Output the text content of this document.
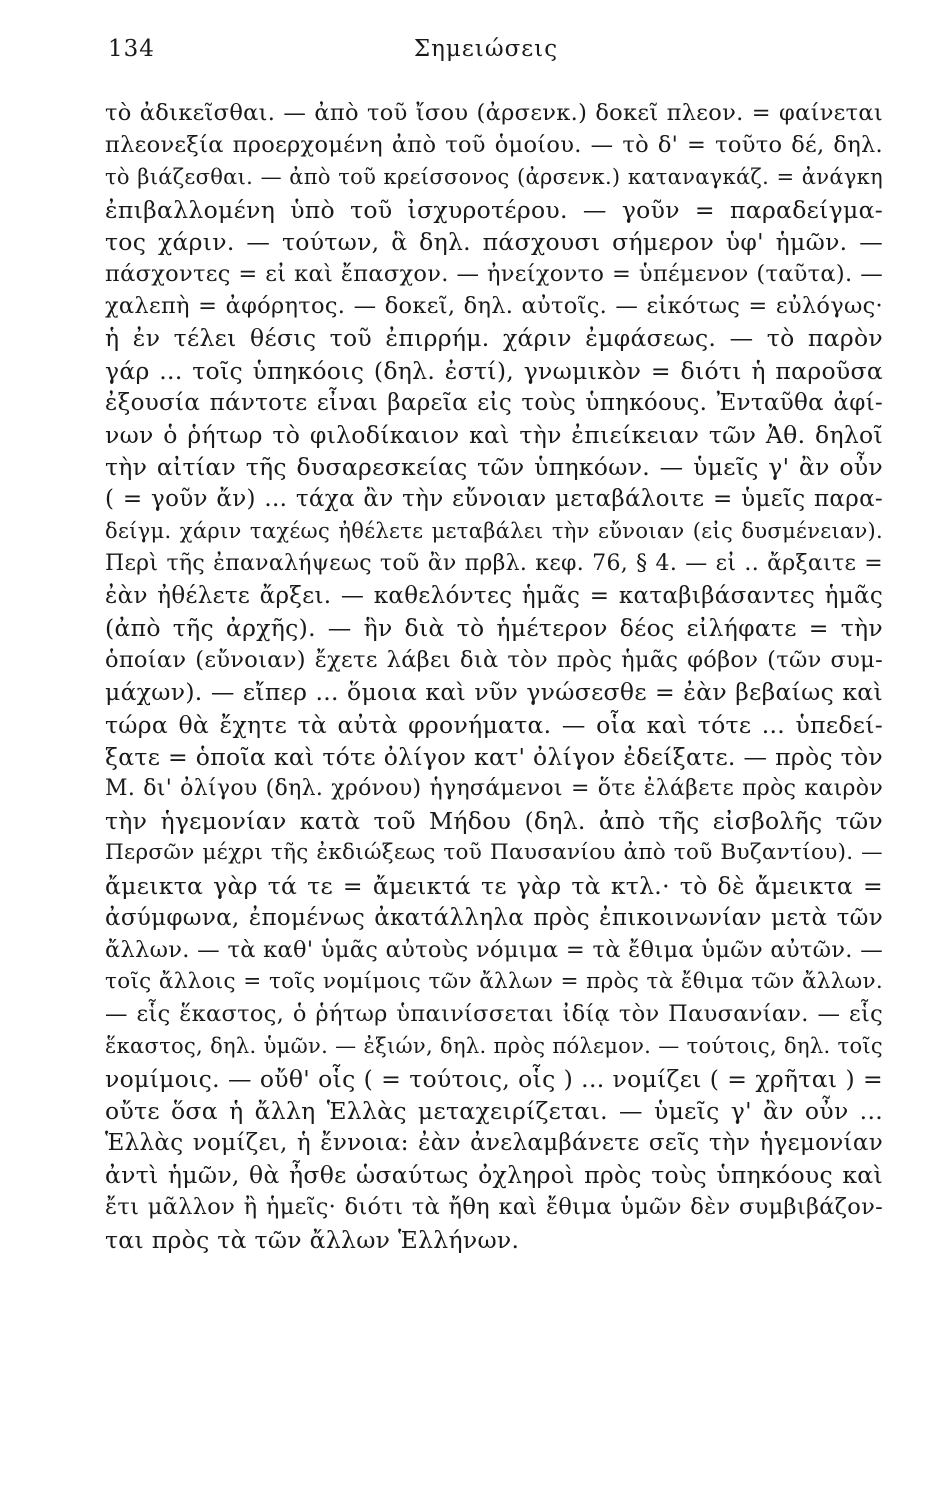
134	Σημειώσεις
τὸ ἀδικεῖσθαι. — ἀπὸ τοῦ ἴσου (ἀρσενκ.) δοκεῖ πλεον. = φαίνεται
πλεονεξία προερχομένη ἀπὸ τοῦ ὁμοίου. — τὸ δ' = τοῦτο δέ, δηλ.
τὸ βιάζεσθαι. — ἀπὸ τοῦ κρείσσονος (ἀρσενκ.) καταναγκάζ. = ἀνάγκη
ἐπιβαλλομένη ὑπὸ τοῦ ἰσχυροτέρου. — γοῦν = παραδείγμα-
τος χάριν. — τούτων, ἃ δηλ. πάσχουσι σήμερον ὑφ' ἡμῶν. —
πάσχοντες = εἰ καὶ ἔπασχον. — ἠνείχοντο = ὑπέμενον (ταῦτα). —
χαλεπὴ = ἀφόρητος. — δοκεῖ, δηλ. αὐτοῖς. — εἰκότως = εὐλόγως·
ἡ ἐν τέλει θέσις τοῦ ἐπιρρήμ. χάριν ἐμφάσεως. — τὸ παρὸν
γάρ ... τοῖς ὑπηκόοις (δηλ. ἐστί), γνωμικὸν = διότι ἡ παροῦσα
ἐξουσία πάντοτε εἶναι βαρεῖα εἰς τοὺς ὑπηκόους. Ἐνταῦθα ἀφί-
νων ὁ ῥήτωρ τὸ φιλοδίκαιον καὶ τὴν ἐπιείκειαν τῶν Ἀθ. δηλοῖ
τὴν αἰτίαν τῆς δυσαρεσκείας τῶν ὑπηκόων. — ὑμεῖς γ' ἂν οὖν
( = γοῦν ἄν) ... τάχα ἂν τὴν εὔνοιαν μεταβάλοιτε = ὑμεῖς παρα-
δείγμ. χάριν ταχέως ἠθέλετε μεταβάλει τὴν εὔνοιαν (εἰς δυσμένειαν).
Περὶ τῆς ἐπαναλήψεως τοῦ ἂν πρβλ. κεφ. 76, § 4. — εἰ .. ἄρξαιτε =
ἐὰν ἠθέλετε ἄρξει. — καθελόντες ἡμᾶς = καταβιβάσαντες ἡμᾶς
(ἀπὸ τῆς ἀρχῆς). — ἣν διὰ τὸ ἡμέτερον δέος εἰλήφατε = τὴν
ὁποίαν (εὔνοιαν) ἔχετε λάβει διὰ τὸν πρὸς ἡμᾶς φόβον (τῶν συμ-
μάχων). — εἴπερ ... ὅμοια καὶ νῦν γνώσεσθε = ἐὰν βεβαίως καὶ
τώρα θὰ ἔχητε τὰ αὐτὰ φρονήματα. — οἷα καὶ τότε ... ὑπεδεί-
ξατε = ὁποῖα καὶ τότε ὀλίγον κατ' ὀλίγον ἐδείξατε. — πρὸς τὸν
Μ. δι' ὀλίγου (δηλ. χρόνου) ἡγησάμενοι = ὅτε ἐλάβετε πρὸς καιρὸν
τὴν ἡγεμονίαν κατὰ τοῦ Μήδου (δηλ. ἀπὸ τῆς εἰσβολῆς τῶν
Περσῶν μέχρι τῆς ἐκδιώξεως τοῦ Παυσανίου ἀπὸ τοῦ Βυζαντίου). —
ἄμεικτα γὰρ τά τε = ἄμεικτά τε γὰρ τὰ κτλ.· τὸ δὲ ἄμεικτα =
ἀσύμφωνα, ἐπομένως ἀκατάλληλα πρὸς ἐπικοινωνίαν μετὰ τῶν
ἄλλων. — τὰ καθ' ὑμᾶς αὐτοὺς νόμιμα = τὰ ἔθιμα ὑμῶν αὐτῶν. —
τοῖς ἄλλοις = τοῖς νομίμοις τῶν ἄλλων = πρὸς τὰ ἔθιμα τῶν ἄλλων.
— εἷς ἕκαστος, ὁ ῥήτωρ ὑπαινίσσεται ἰδίᾳ τὸν Παυσανίαν. — εἷς
ἕκαστος, δηλ. ὑμῶν. — ἐξιών, δηλ. πρὸς πόλεμον. — τούτοις, δηλ. τοῖς
νομίμοις. — οὔθ' οἷς ( = τούτοις, οἷς ) ... νομίζει ( = χρῆται ) =
οὔτε ὅσα ἡ ἄλλη Ἑλλὰς μεταχειρίζεται. — ὑμεῖς γ' ἂν οὖν ...
Ἑλλὰς νομίζει, ἡ ἔννοια: ἐὰν ἀνελαμβάνετε σεῖς τὴν ἡγεμονίαν
ἀντὶ ἡμῶν, θὰ ἦσθε ὡσαύτως ὀχληροὶ πρὸς τοὺς ὑπηκόους καὶ
ἔτι μᾶλλον ἢ ἡμεῖς· διότι τὰ ἤθη καὶ ἔθιμα ὑμῶν δὲν συμβιβάζον-
ται πρὸς τὰ τῶν ἄλλων Ἑλλήνων.
